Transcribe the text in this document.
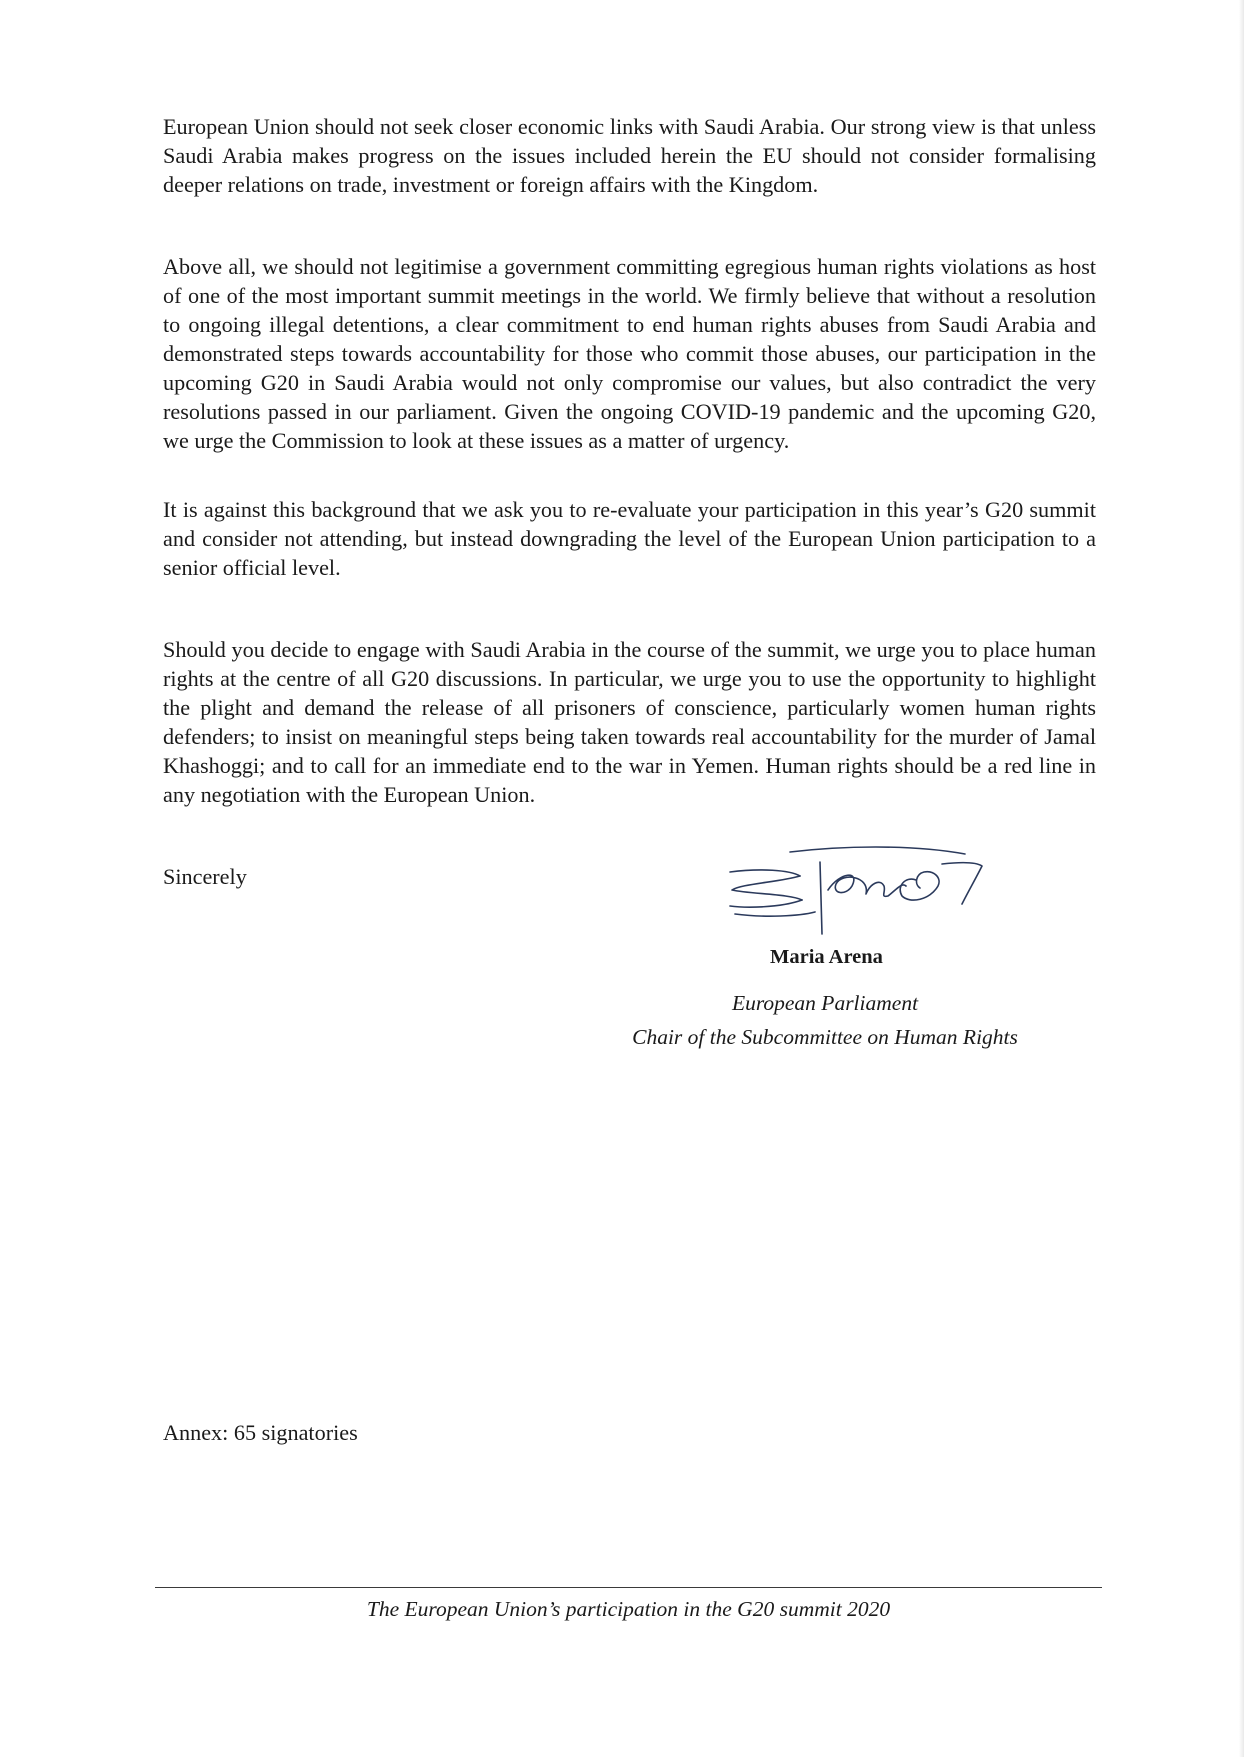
European Union should not seek closer economic links with Saudi Arabia. Our strong view is that unless Saudi Arabia makes progress on the issues included herein the EU should not consider formalising deeper relations on trade, investment or foreign affairs with the Kingdom.

Above all, we should not legitimise a government committing egregious human rights violations as host of one of the most important summit meetings in the world. We firmly believe that without a resolution to ongoing illegal detentions, a clear commitment to end human rights abuses from Saudi Arabia and demonstrated steps towards accountability for those who commit those abuses, our participation in the upcoming G20 in Saudi Arabia would not only compromise our values, but also contradict the very resolutions passed in our parliament. Given the ongoing COVID-19 pandemic and the upcoming G20, we urge the Commission to look at these issues as a matter of urgency.

It is against this background that we ask you to re-evaluate your participation in this year’s G20 summit and consider not attending, but instead downgrading the level of the European Union participation to a senior official level.

Should you decide to engage with Saudi Arabia in the course of the summit, we urge you to place human rights at the centre of all G20 discussions. In particular, we urge you to use the opportunity to highlight the plight and demand the release of all prisoners of conscience, particularly women human rights defenders; to insist on meaningful steps being taken towards real accountability for the murder of Jamal Khashoggi; and to call for an immediate end to the war in Yemen. Human rights should be a red line in any negotiation with the European Union.

Sincerely

Maria Arena

European Parliament

Chair of the Subcommittee on Human Rights

Annex: 65 signatories

The European Union’s participation in the G20 summit 2020
